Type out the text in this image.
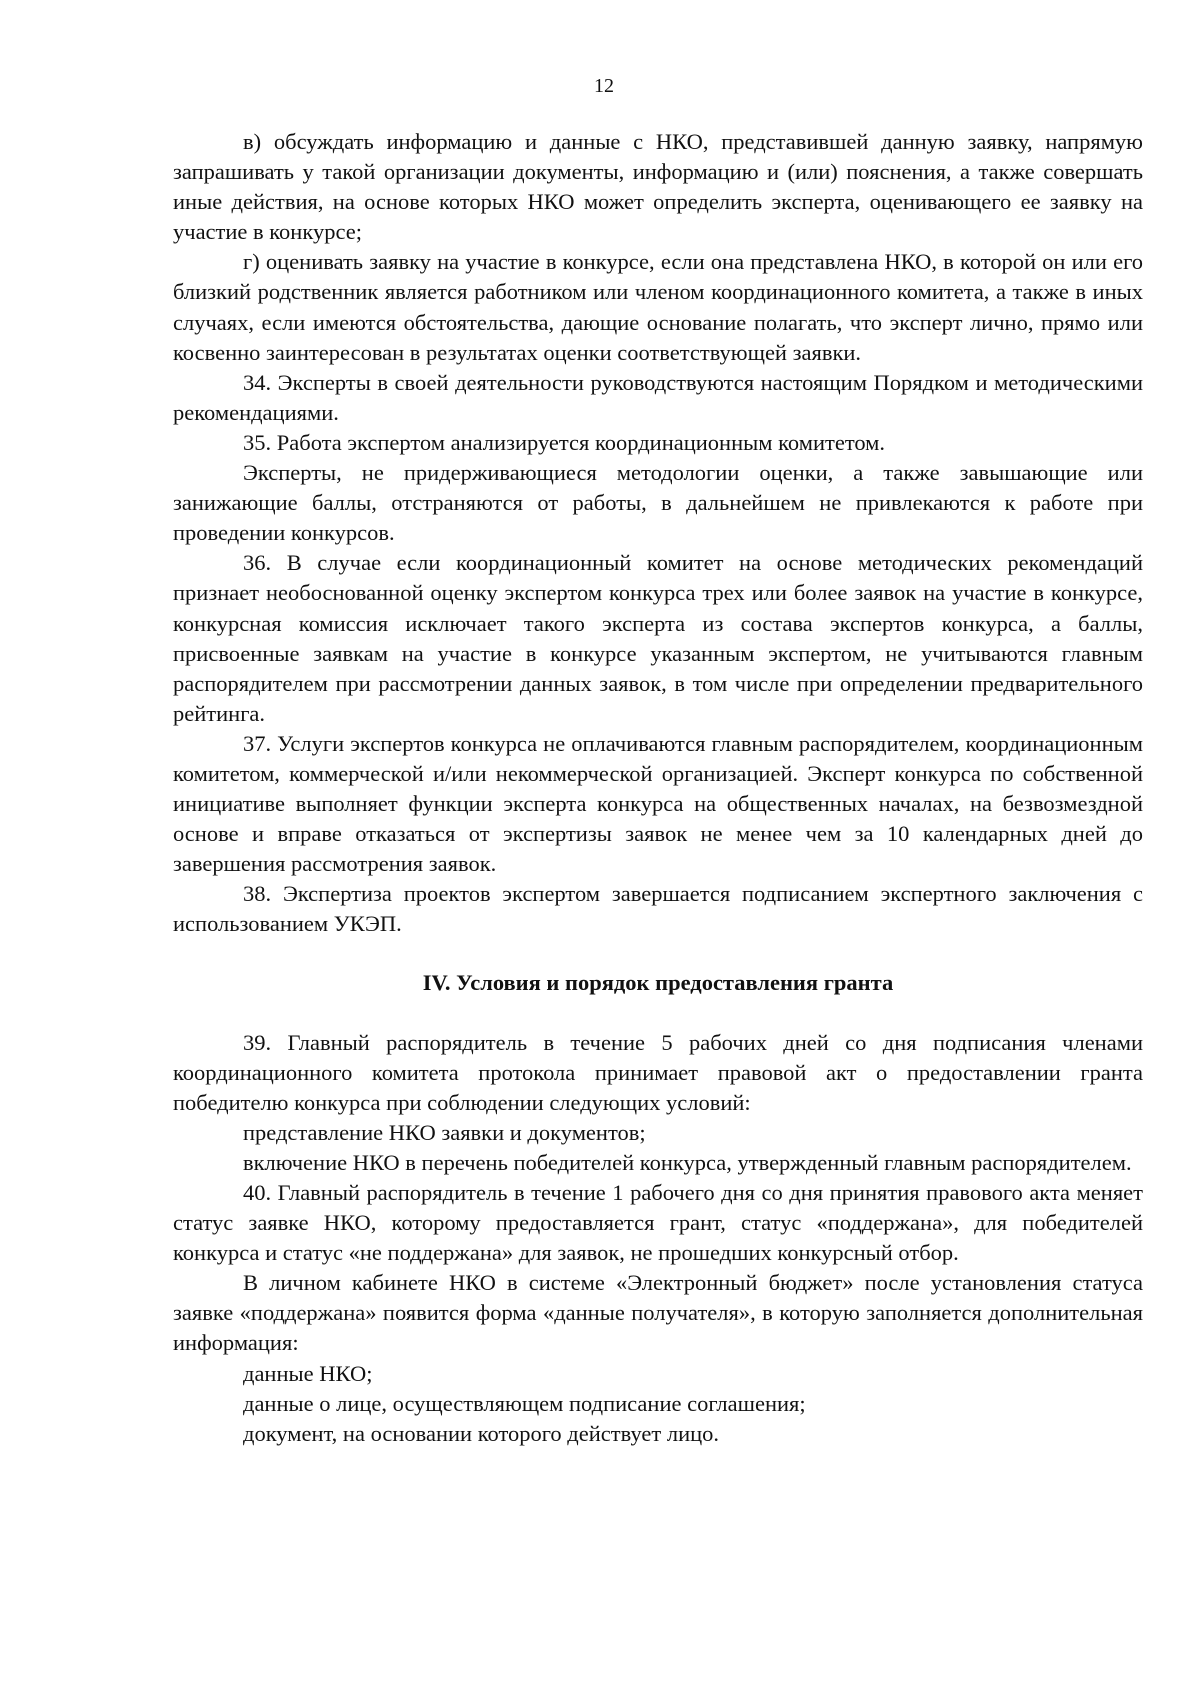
12

в) обсуждать информацию и данные с НКО, представившей данную заявку, напрямую запрашивать у такой организации документы, информацию и (или) пояснения, а также совершать иные действия, на основе которых НКО может определить эксперта, оценивающего ее заявку на участие в конкурсе;

г) оценивать заявку на участие в конкурсе, если она представлена НКО, в которой он или его близкий родственник является работником или членом координационного комитета, а также в иных случаях, если имеются обстоятельства, дающие основание полагать, что эксперт лично, прямо или косвенно заинтересован в результатах оценки соответствующей заявки.

34. Эксперты в своей деятельности руководствуются настоящим Порядком и методическими рекомендациями.

35. Работа экспертом анализируется координационным комитетом.

Эксперты, не придерживающиеся методологии оценки, а также завышающие или занижающие баллы, отстраняются от работы, в дальнейшем не привлекаются к работе при проведении конкурсов.

36. В случае если координационный комитет на основе методических рекомендаций признает необоснованной оценку экспертом конкурса трех или более заявок на участие в конкурсе, конкурсная комиссия исключает такого эксперта из состава экспертов конкурса, а баллы, присвоенные заявкам на участие в конкурсе указанным экспертом, не учитываются главным распорядителем при рассмотрении данных заявок, в том числе при определении предварительного рейтинга.

37. Услуги экспертов конкурса не оплачиваются главным распорядителем, координационным комитетом, коммерческой и/или некоммерческой организацией. Эксперт конкурса по собственной инициативе выполняет функции эксперта конкурса на общественных началах, на безвозмездной основе и вправе отказаться от экспертизы заявок не менее чем за 10 календарных дней до завершения рассмотрения заявок.

38. Экспертиза проектов экспертом завершается подписанием экспертного заключения с использованием УКЭП.

IV. Условия и порядок предоставления гранта

39. Главный распорядитель в течение 5 рабочих дней со дня подписания членами координационного комитета протокола принимает правовой акт о предоставлении гранта победителю конкурса при соблюдении следующих условий:

представление НКО заявки и документов;

включение НКО в перечень победителей конкурса, утвержденный главным распорядителем.

40. Главный распорядитель в течение 1 рабочего дня со дня принятия правового акта меняет статус заявке НКО, которому предоставляется грант, статус «поддержана», для победителей конкурса и статус «не поддержана» для заявок, не прошедших конкурсный отбор.

В личном кабинете НКО в системе «Электронный бюджет» после установления статуса заявке «поддержана» появится форма «данные получателя», в которую заполняется дополнительная информация:

данные НКО;

данные о лице, осуществляющем подписание соглашения;

документ, на основании которого действует лицо.
